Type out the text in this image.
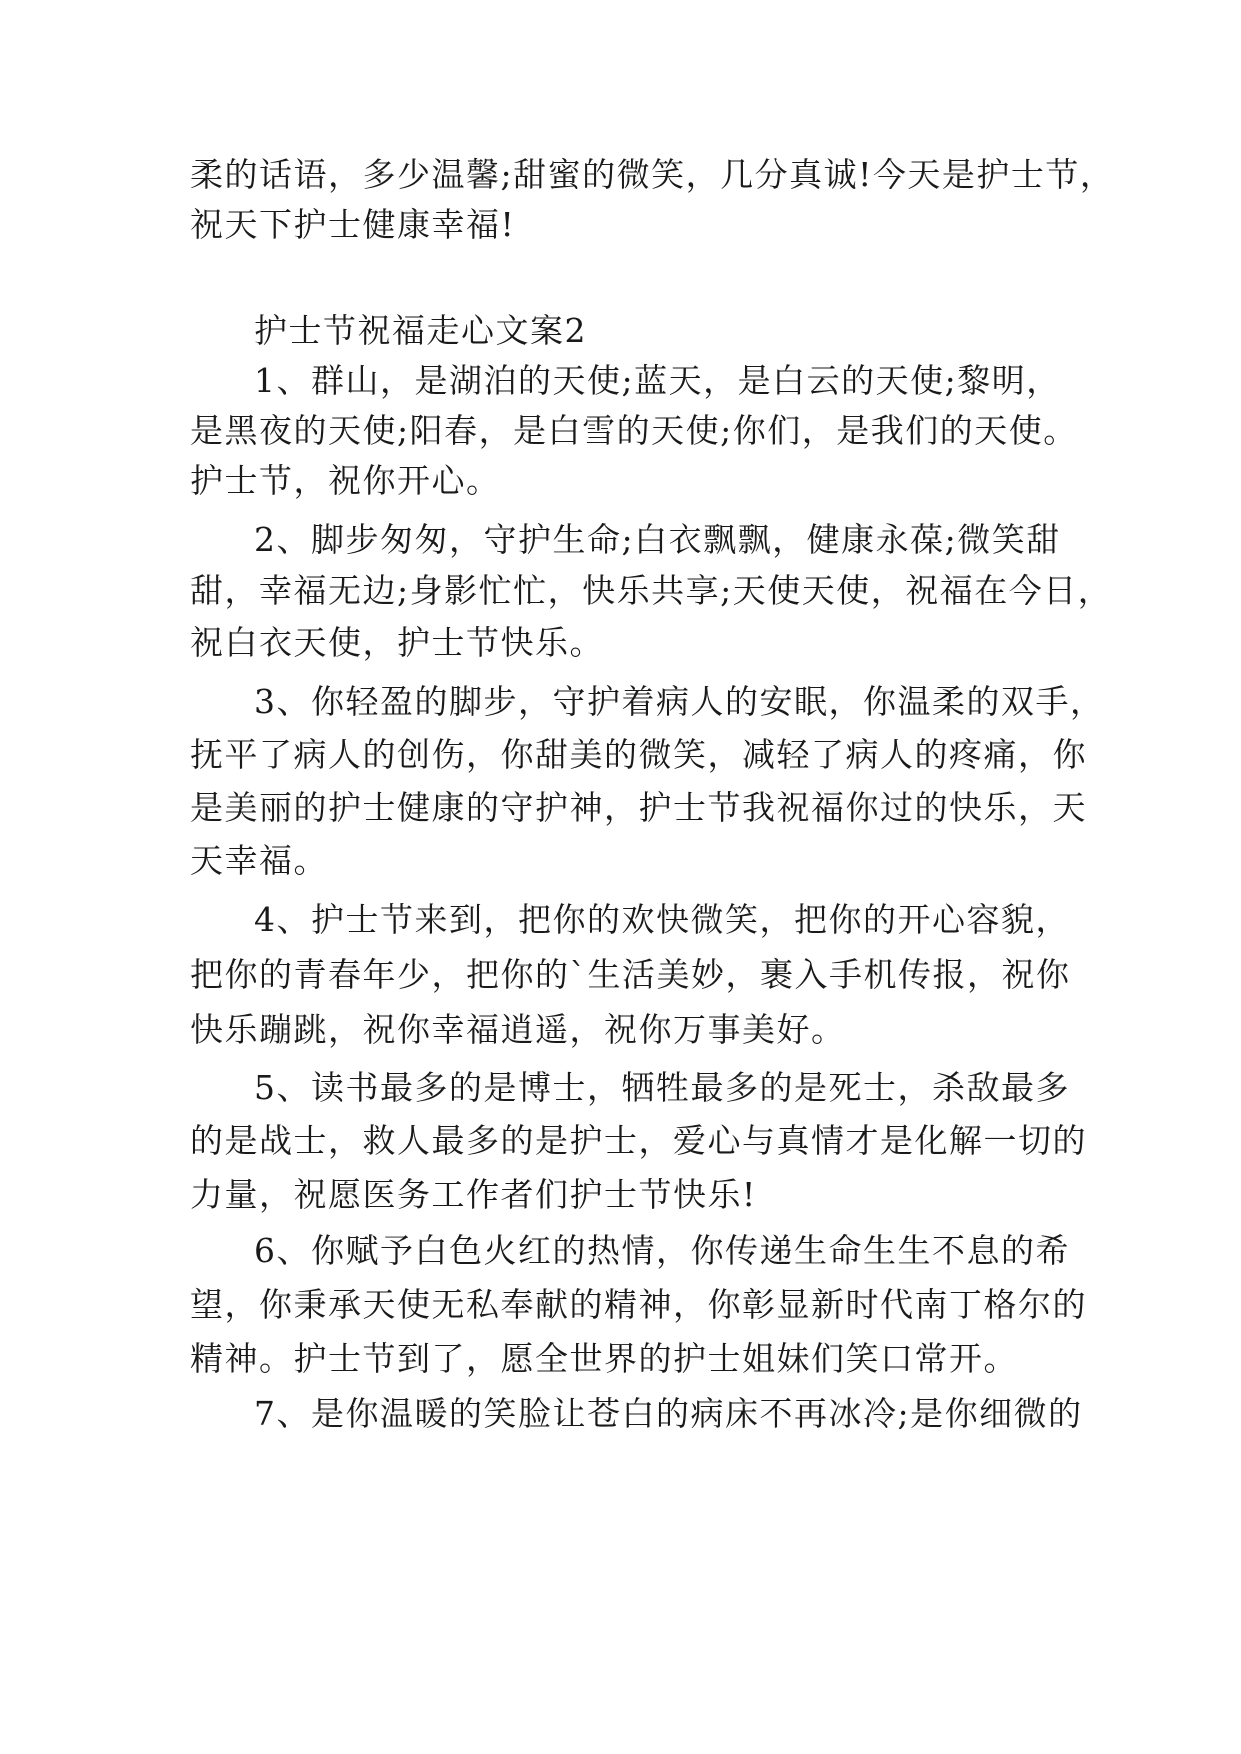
柔的话语，多少温馨;甜蜜的微笑，几分真诚!今天是护士节，
祝天下护士健康幸福!
护士节祝福走心文案2
1、群山，是湖泊的天使;蓝天，是白云的天使;黎明，
是黑夜的天使;阳春，是白雪的天使;你们，是我们的天使。
护士节，祝你开心。
2、脚步匆匆，守护生命;白衣飘飘，健康永葆;微笑甜
甜，幸福无边;身影忙忙，快乐共享;天使天使，祝福在今日，
祝白衣天使，护士节快乐。
3、你轻盈的脚步，守护着病人的安眠，你温柔的双手，
抚平了病人的创伤，你甜美的微笑，减轻了病人的疼痛，你
是美丽的护士健康的守护神，护士节我祝福你过的快乐，天
天幸福。
4、护士节来到，把你的欢快微笑，把你的开心容貌，
把你的青春年少，把你的`生活美妙，裹入手机传报，祝你
快乐蹦跳，祝你幸福逍遥，祝你万事美好。
5、读书最多的是博士，牺牲最多的是死士，杀敌最多
的是战士，救人最多的是护士，爱心与真情才是化解一切的
力量，祝愿医务工作者们护士节快乐!
6、你赋予白色火红的热情，你传递生命生生不息的希
望，你秉承天使无私奉献的精神，你彰显新时代南丁格尔的
精神。护士节到了，愿全世界的护士姐妹们笑口常开。
7、是你温暖的笑脸让苍白的病床不再冰冷;是你细微的
